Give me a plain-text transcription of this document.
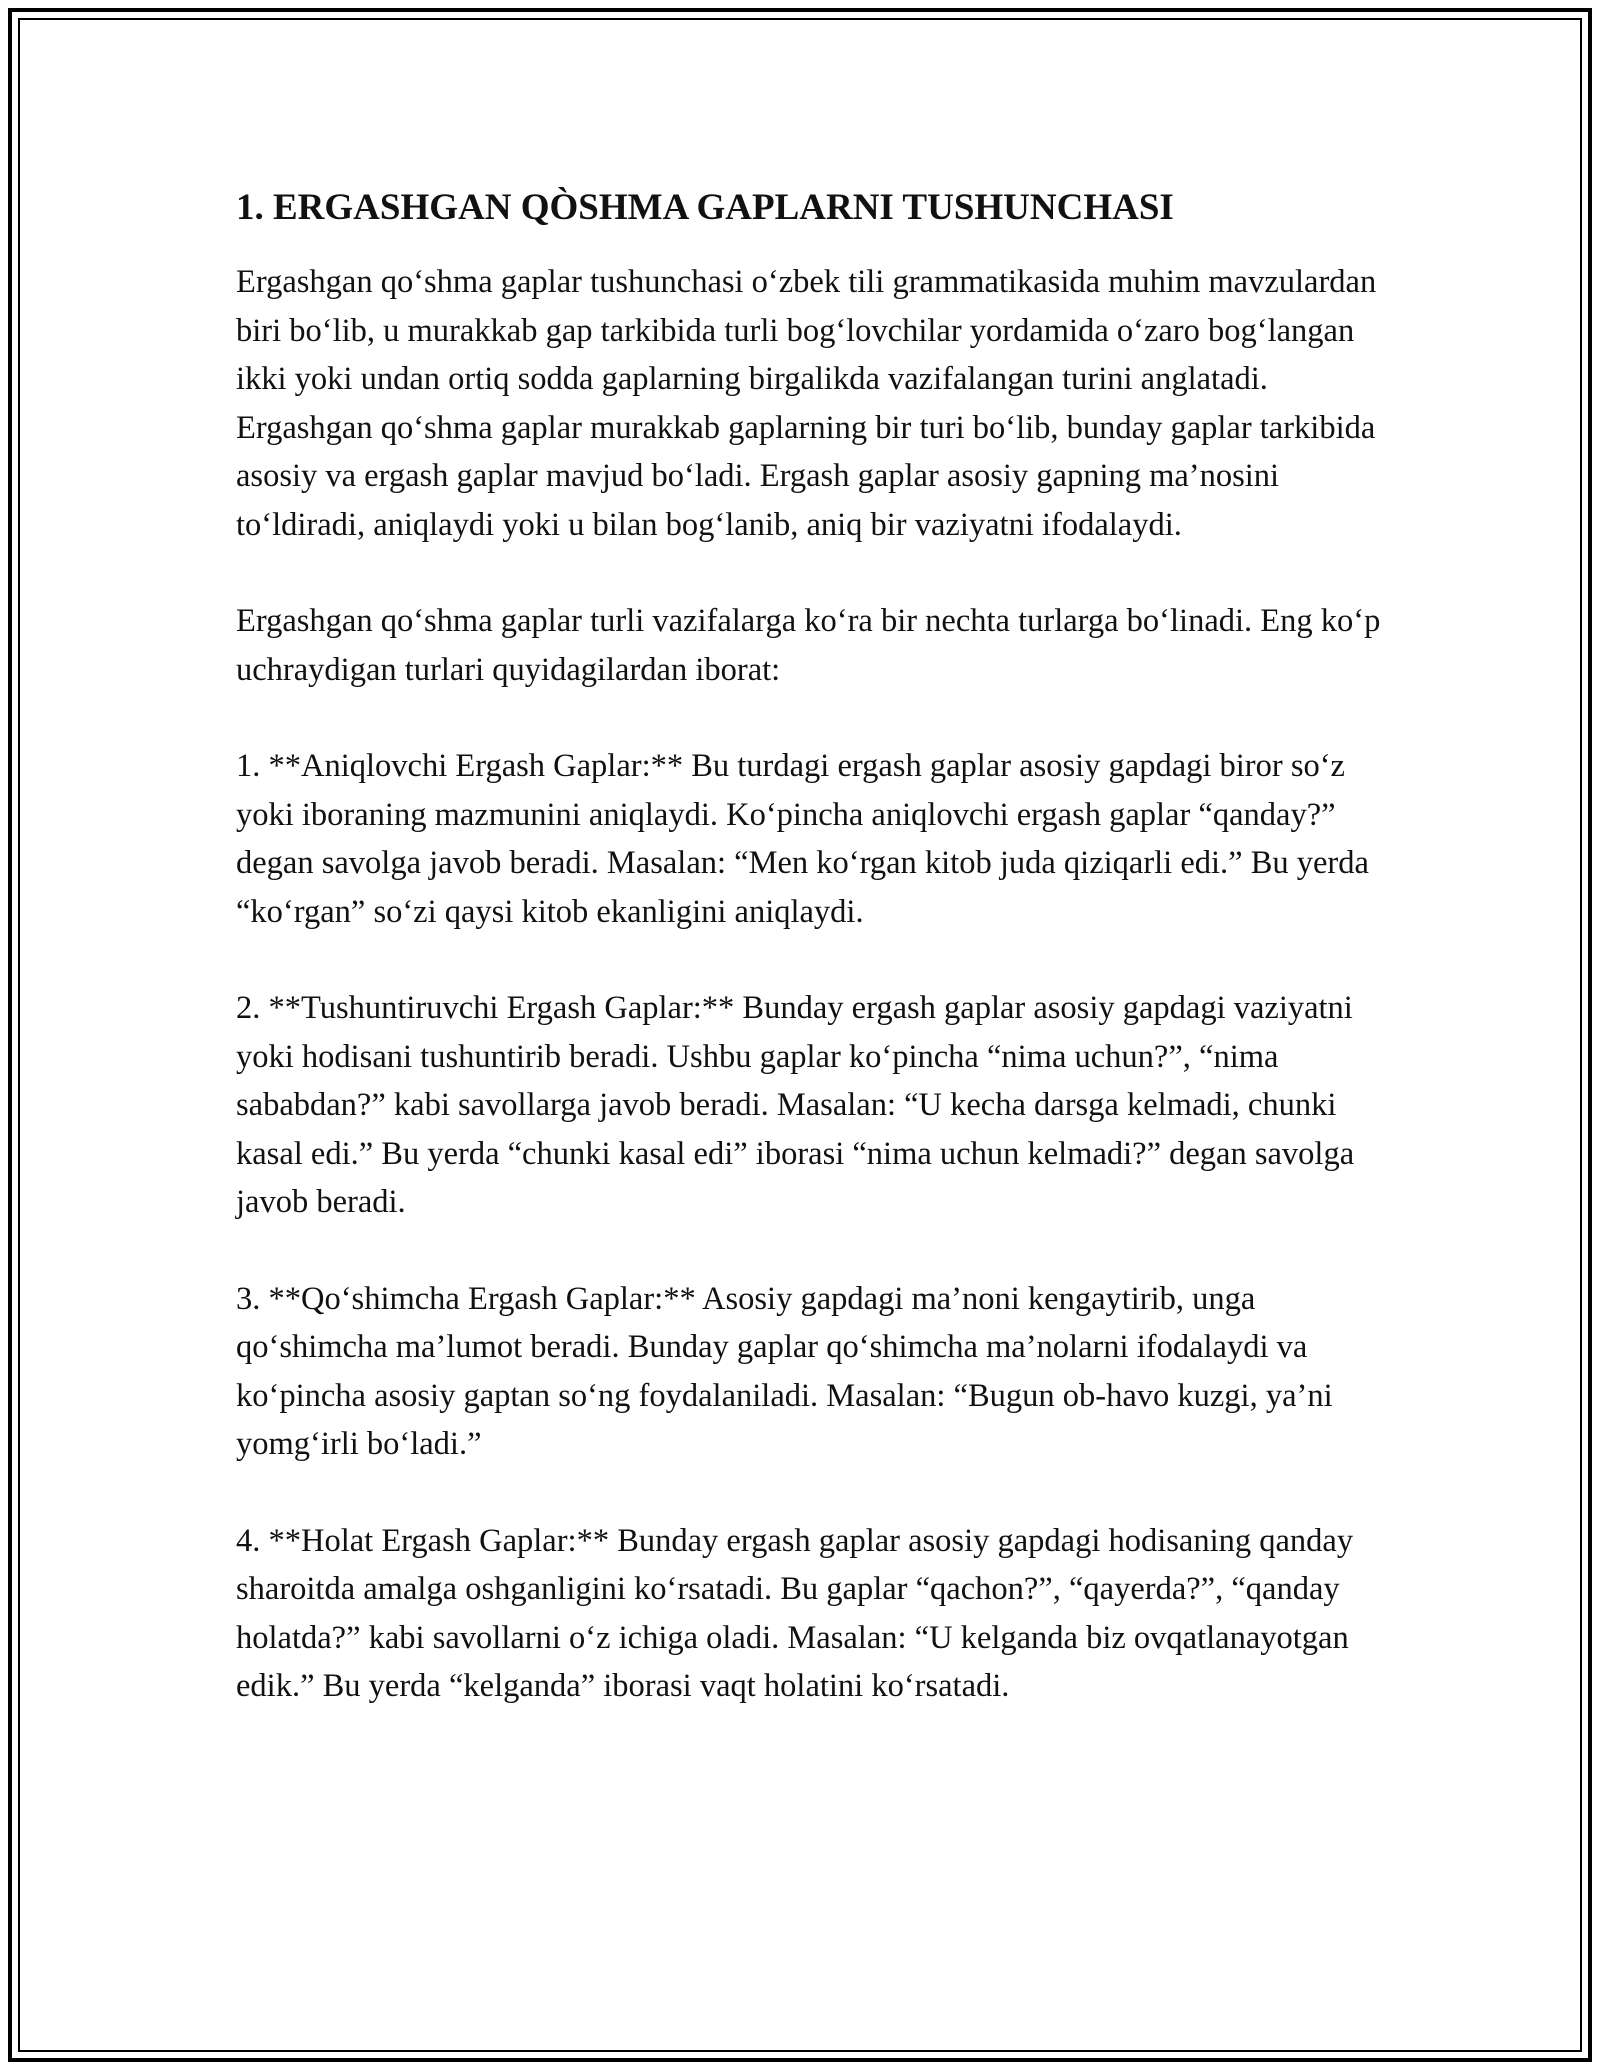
1. ERGASHGAN QÒSHMA GAPLARNI TUSHUNCHASI

Ergashgan qo‘shma gaplar tushunchasi o‘zbek tili grammatikasida muhim mavzulardan biri bo‘lib, u murakkab gap tarkibida turli bog‘lovchilar yordamida o‘zaro bog‘langan ikki yoki undan ortiq sodda gaplarning birgalikda vazifalangan turini anglatadi. Ergashgan qo‘shma gaplar murakkab gaplarning bir turi bo‘lib, bunday gaplar tarkibida asosiy va ergash gaplar mavjud bo‘ladi. Ergash gaplar asosiy gapning ma’nosini to‘ldiradi, aniqlaydi yoki u bilan bog‘lanib, aniq bir vaziyatni ifodalaydi.

Ergashgan qo‘shma gaplar turli vazifalarga ko‘ra bir nechta turlarga bo‘linadi. Eng ko‘p uchraydigan turlari quyidagilardan iborat:

1. **Aniqlovchi Ergash Gaplar:** Bu turdagi ergash gaplar asosiy gapdagi biror so‘z yoki iboraning mazmunini aniqlaydi. Ko‘pincha aniqlovchi ergash gaplar “qanday?” degan savolga javob beradi. Masalan: “Men ko‘rgan kitob juda qiziqarli edi.” Bu yerda “ko‘rgan” so‘zi qaysi kitob ekanligini aniqlaydi.

2. **Tushuntiruvchi Ergash Gaplar:** Bunday ergash gaplar asosiy gapdagi vaziyatni yoki hodisani tushuntirib beradi. Ushbu gaplar ko‘pincha “nima uchun?”, “nima sababdan?” kabi savollarga javob beradi. Masalan: “U kecha darsga kelmadi, chunki kasal edi.” Bu yerda “chunki kasal edi” iborasi “nima uchun kelmadi?” degan savolga javob beradi.

3. **Qo‘shimcha Ergash Gaplar:** Asosiy gapdagi ma’noni kengaytirib, unga qo‘shimcha ma’lumot beradi. Bunday gaplar qo‘shimcha ma’nolarni ifodalaydi va ko‘pincha asosiy gaptan so‘ng foydalaniladi. Masalan: “Bugun ob-havo kuzgi, ya’ni yomg‘irli bo‘ladi.”

4. **Holat Ergash Gaplar:** Bunday ergash gaplar asosiy gapdagi hodisaning qanday sharoitda amalga oshganligini ko‘rsatadi. Bu gaplar “qachon?”, “qayerda?”, “qanday holatda?” kabi savollarni o‘z ichiga oladi. Masalan: “U kelganda biz ovqatlanayotgan edik.” Bu yerda “kelganda” iborasi vaqt holatini ko‘rsatadi.
